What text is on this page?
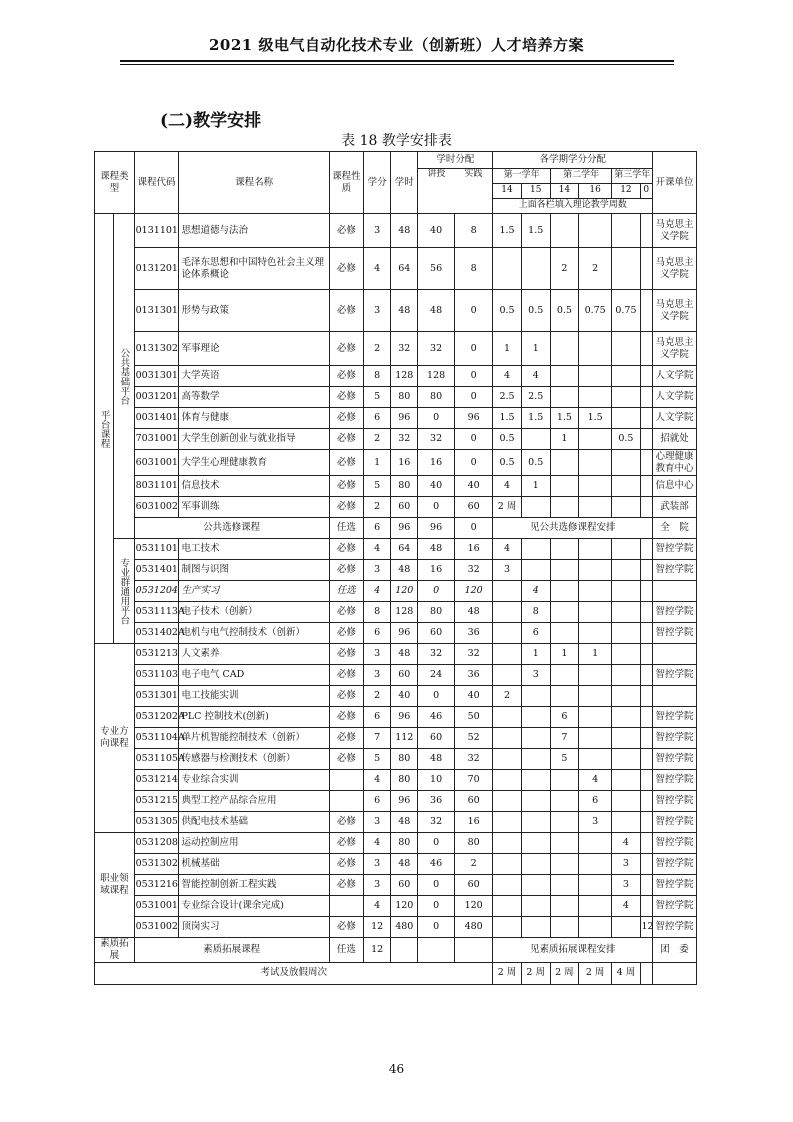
2021 级电气自动化技术专业（创新班）人才培养方案
(二)教学安排
表 18 教学安排表
课程类型		课程代码	课程名称	课程性质	学分	学时	学时分配		各学期学分分配						开课单位

							讲授 实践		第一学年		第二学年		第三学年		
									14	15	14	16	12	0	
									上面各栏填入理论教学周数						
平台课程	公共基础平台	0131101	思想道德与法治	必修	3	48	40	8	1.5	1.5					马克思主义学院
		0131201	毛泽东思想和中国特色社会主义理论体系概论	必修	4	64	56	8			2	2			马克思主义学院
		0131301	形势与政策	必修	3	48	48	0	0.5	0.5	0.5	0.75	0.75		马克思主义学院
		0131302	军事理论	必修	2	32	32	0	1	1					马克思主义学院
		0031301	大学英语	必修	8	128	128	0	4	4					人文学院
		0031201	高等数学	必修	5	80	80	0	2.5	2.5					人文学院
		0031401	体育与健康	必修	6	96	0	96	1.5	1.5	1.5	1.5			人文学院
		7031001	大学生创新创业与就业指导	必修	2	32	32	0	0.5		1		0.5		招就处
		6031001	大学生心理健康教育	必修	1	16	16	0	0.5	0.5					心理健康教育中心
		8031101	信息技术	必修	5	80	40	40	4	1					信息中心
		6031002	军事训练	必修	2	60	0	60	2 周						武装部
		公共选修课程		任选	6	96	96	0	见公共选修课程安排						全　院
	专业群通用平台	0531101	电工技术	必修	4	64	48	16	4						智控学院
		0531401	制图与识图	必修	3	48	16	32	3						智控学院
		0531204	生产实习	任选	4	120	0	120		4					
		0531113A	电子技术（创新）	必修	8	128	80	48		8					智控学院
		0531402A	电机与电气控制技术（创新）	必修	6	96	60	36		6					智控学院
专业方向课程		0531213	人文素养	必修	3	48	32	32		1	1	1			
		0531103	电子电气 CAD	必修	3	60	24	36		3					智控学院
		0531301	电工技能实训	必修	2	40	0	40	2						
		0531202A	PLC 控制技术(创新)	必修	6	96	46	50			6				智控学院
		0531104A	单片机智能控制技术（创新）	必修	7	112	60	52			7				智控学院
		0531105A	传感器与检测技术（创新）	必修	5	80	48	32			5				智控学院
		0531214	专业综合实训		4	80	10	70				4			智控学院
		0531215	典型工控产品综合应用		6	96	36	60				6			智控学院
		0531305	供配电技术基础	必修	3	48	32	16				3			智控学院
职业领域课程		0531208	运动控制应用	必修	4	80	0	80					4		智控学院
		0531302	机械基础	必修	3	48	46	2					3		智控学院
		0531216	智能控制创新工程实践	必修	3	60	0	60					3		智控学院
		0531001	专业综合设计(课余完成)		4	120	0	120					4		智控学院
		0531002	顶岗实习	必修	12	480	0	480						12	智控学院
素质拓展		素质拓展课程		任选	12				见素质拓展课程安排						团　委
考试及放假周次									2 周	2 周	2 周	2 周	4 周		
46
